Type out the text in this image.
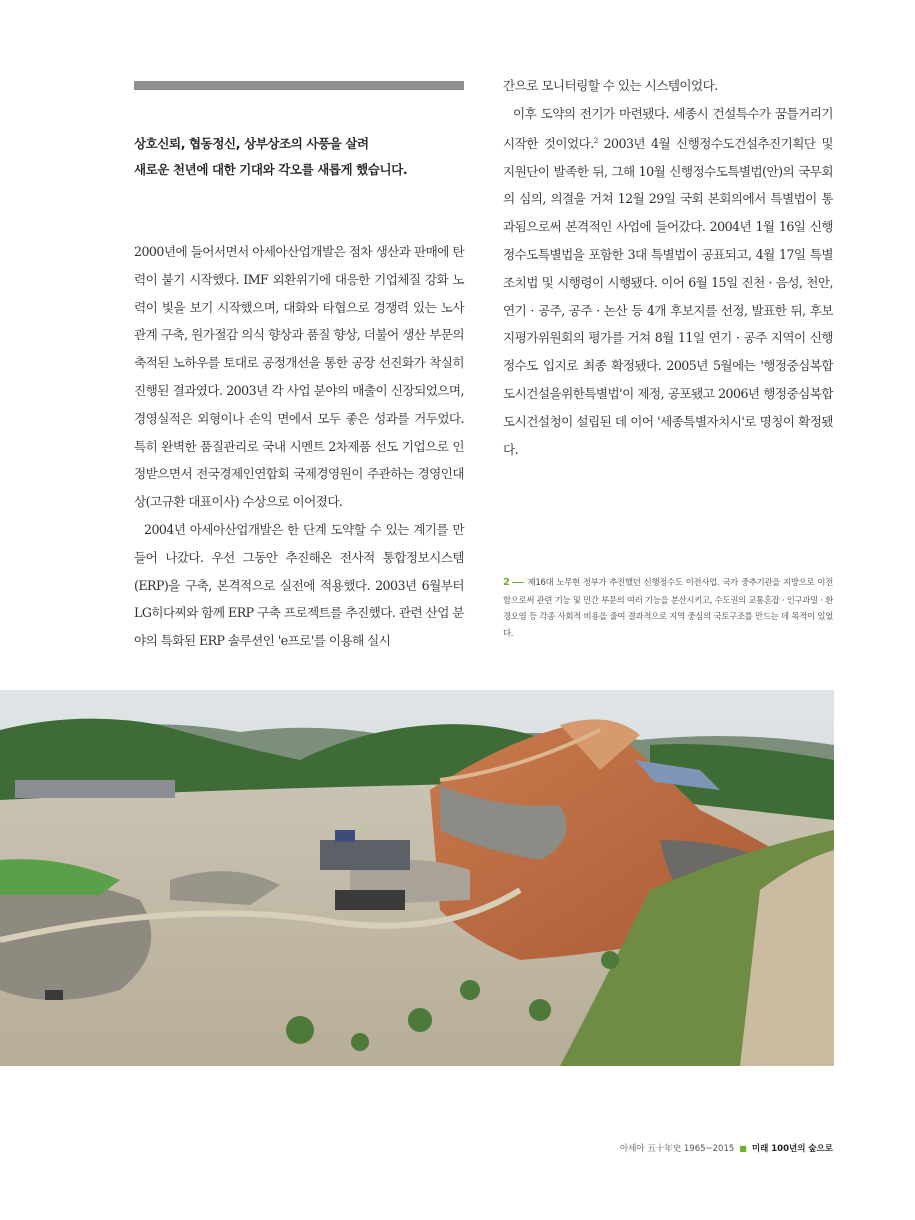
상호신뢰, 협동정신, 상부상조의 사풍을 살려
새로운 천년에 대한 기대와 각오를 새롭게 했습니다.

2000년에 들어서면서 아세아산업개발은 점차 생산과 판매에 탄력이 붙기 시작했다. IMF 외환위기에 대응한 기업체질 강화 노력이 빛을 보기 시작했으며, 대화와 타협으로 경쟁력 있는 노사관계 구축, 원가절감 의식 향상과 품질 향상, 더불어 생산 부문의 축적된 노하우를 토대로 공정개선을 통한 공장 선진화가 착실히 진행된 결과였다. 2003년 각 사업 분야의 매출이 신장되었으며, 경영실적은 외형이나 손익 면에서 모두 좋은 성과를 거두었다. 특히 완벽한 품질관리로 국내 시멘트 2차제품 선도 기업으로 인정받으면서 전국경제인연합회 국제경영원이 주관하는 경영인대상(고규환 대표이사) 수상으로 이어졌다.

2004년 아세아산업개발은 한 단계 도약할 수 있는 계기를 만들어 나갔다. 우선 그동안 추진해온 전사적 통합정보시스템(ERP)을 구축, 본격적으로 실전에 적용했다. 2003년 6월부터 LG히다찌와 함께 ERP 구축 프로젝트를 추진했다. 관련 산업 분야의 특화된 ERP 솔루션인 'e프로'를 이용해 실시

간으로 모니터링할 수 있는 시스템이었다.

이후 도약의 전기가 마련됐다. 세종시 건설특수가 꿈틀거리기 시작한 것이었다.$^2$ 2003년 4월 신행정수도건설추진기획단 및 지원단이 발족한 뒤, 그해 10월 신행정수도특별법(안)의 국무회의 심의, 의결을 거쳐 12월 29일 국회 본회의에서 특별법이 통과됨으로써 본격적인 사업에 들어갔다. 2004년 1월 16일 신행정수도특별법을 포함한 3대 특별법이 공표되고, 4월 17일 특별조치법 및 시행령이 시행됐다. 이어 6월 15일 진천 · 음성, 천안, 연기 · 공주, 공주 · 논산 등 4개 후보지를 선정, 발표한 뒤, 후보지평가위원회의 평가를 거쳐 8월 11일 연기 · 공주 지역이 신행정수도 입지로 최종 확정됐다. 2005년 5월에는 '행정중심복합도시건설을위한특별법'이 제정, 공포됐고 2006년 행정중심복합도시건설청이 설립된 데 이어 '세종특별자치시'로 명칭이 확정됐다.

2 제16대 노무현 정부가 추진했던 신행정수도 이전사업. 국가 중추기관을 지방으로 이전함으로써 관련 기능 및 민간 부문의 여러 기능을 분산시키고, 수도권의 교통혼잡 · 인구과밀 · 환경오염 등 각종 사회적 비용을 줄여 결과적으로 지역 중심의 국토구조를 만드는 데 목적이 있었다.
아세아 五十年史 1965~2015 ■ 미래 100년의 숲으로
